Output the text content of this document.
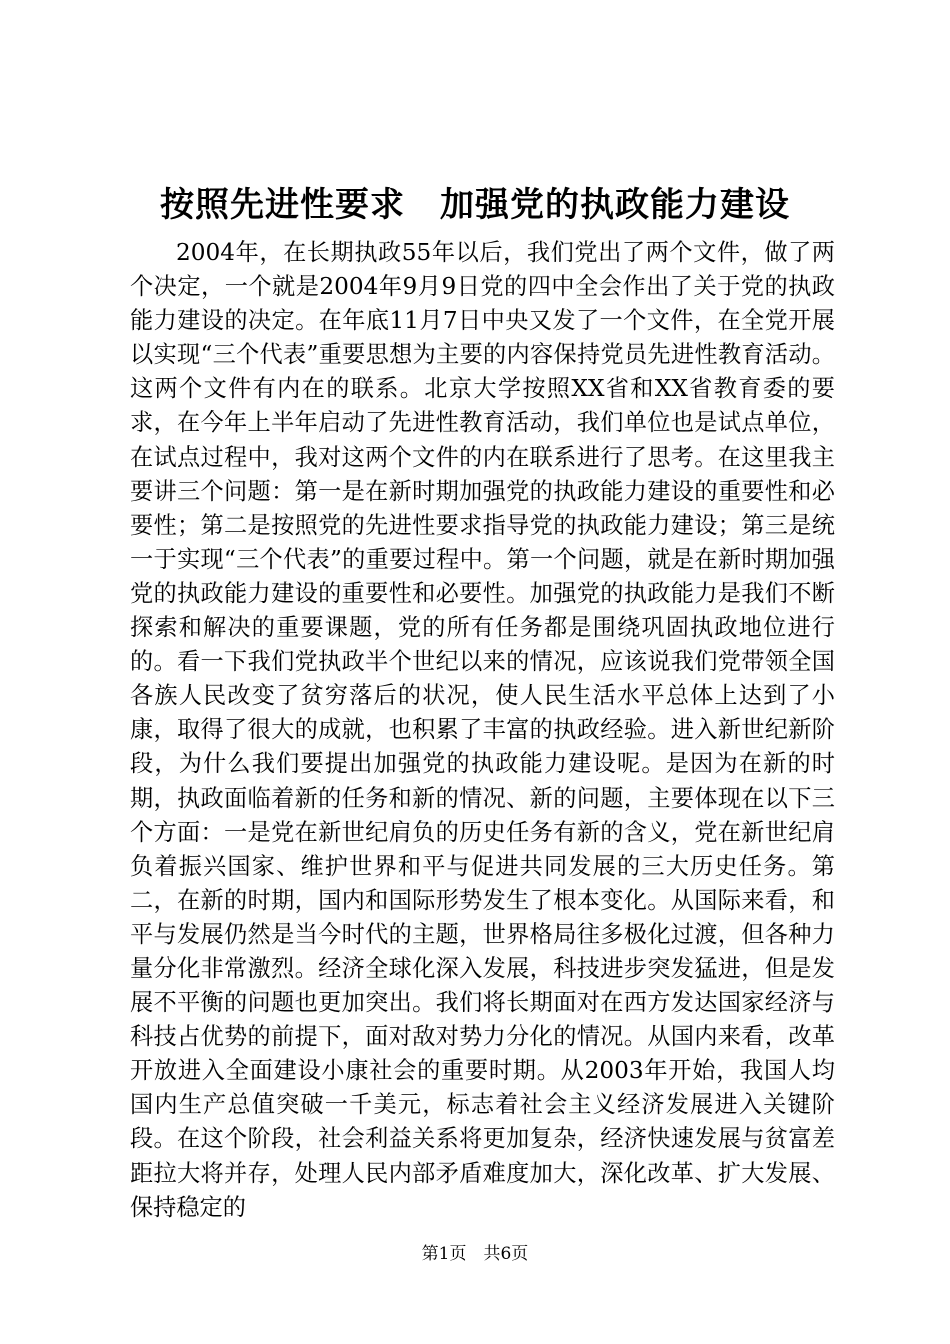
按照先进性要求　加强党的执政能力建设

2004年，在长期执政55年以后，我们党出了两个文件，做了两个决定，一个就是2004年9月9日党的四中全会作出了关于党的执政能力建设的决定。在年底11月7日中央又发了一个文件，在全党开展以实现“三个代表”重要思想为主要的内容保持党员先进性教育活动。这两个文件有内在的联系。北京大学按照XX省和XX省教育委的要求，在今年上半年启动了先进性教育活动，我们单位也是试点单位，在试点过程中，我对这两个文件的内在联系进行了思考。在这里我主要讲三个问题：第一是在新时期加强党的执政能力建设的重要性和必要性；第二是按照党的先进性要求指导党的执政能力建设；第三是统一于实现“三个代表”的重要过程中。第一个问题，就是在新时期加强党的执政能力建设的重要性和必要性。加强党的执政能力是我们不断探索和解决的重要课题，党的所有任务都是围绕巩固执政地位进行的。看一下我们党执政半个世纪以来的情况，应该说我们党带领全国各族人民改变了贫穷落后的状况，使人民生活水平总体上达到了小康，取得了很大的成就，也积累了丰富的执政经验。进入新世纪新阶段，为什么我们要提出加强党的执政能力建设呢。是因为在新的时期，执政面临着新的任务和新的情况、新的问题，主要体现在以下三个方面：一是党在新世纪肩负的历史任务有新的含义，党在新世纪肩负着振兴国家、维护世界和平与促进共同发展的三大历史任务。第二，在新的时期，国内和国际形势发生了根本变化。从国际来看，和平与发展仍然是当今时代的主题，世界格局往多极化过渡，但各种力量分化非常激烈。经济全球化深入发展，科技进步突发猛进，但是发展不平衡的问题也更加突出。我们将长期面对在西方发达国家经济与科技占优势的前提下，面对敌对势力分化的情况。从国内来看，改革开放进入全面建设小康社会的重要时期。从2003年开始，我国人均国内生产总值突破一千美元，标志着社会主义经济发展进入关键阶段。在这个阶段，社会利益关系将更加复杂，经济快速发展与贫富差距拉大将并存，处理人民内部矛盾难度加大，深化改革、扩大发展、保持稳定的

第1页　共6页
